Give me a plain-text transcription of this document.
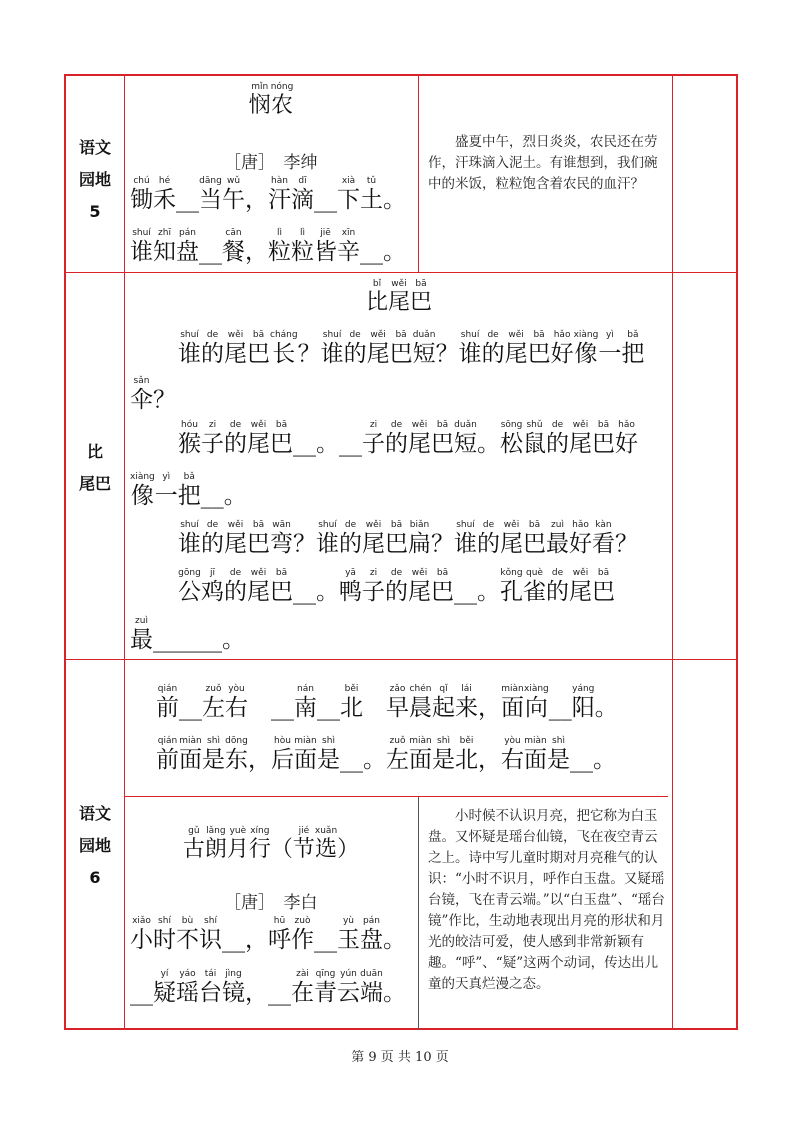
语文
园地
5
比
尾巴
语文
园地
6
mǐn
悯
nóng
农
［唐］　李绅
chú
锄
hé
禾
__
dāng
当
wǔ
午
，
hàn
汗
dī
滴
__
xià
下
tǔ
土
。
shuí
谁
zhī
知
pán
盘
__
cān
餐
，
lì
粒
lì
粒
jiē
皆
xīn
辛
__
。

盛夏中午，烈日炎炎，农民还在劳作，汗珠滴入泥土。有谁想到，我们碗中的米饭，粒粒饱含着农民的血汗？

bǐ
比
wěi
尾
bā
巴
shuí
谁
de
的
wěi
尾
bā
巴
cháng
长
？
shuí
谁
de
的
wěi
尾
bā
巴
duǎn
短
？
shuí
谁
de
的
wěi
尾
bā
巴
hǎo
好
xiàng
像
yì
一
bǎ
把
sǎn
伞
？
hóu
猴
zi
子
de
的
wěi
尾
bā
巴
__
。
__
zi
子
de
的
wěi
尾
bā
巴
duǎn
短
。
sōng
松
shǔ
鼠
de
的
wěi
尾
bā
巴
hǎo
好
xiàng
像
yì
一
bǎ
把
__
。
shuí
谁
de
的
wěi
尾
bā
巴
wān
弯
？
shuí
谁
de
的
wěi
尾
bā
巴
biǎn
扁
？
shuí
谁
de
的
wěi
尾
bā
巴
zuì
最
hǎo
好
kàn
看
？
gōng
公
jī
鸡
de
的
wěi
尾
bā
巴
__
。
yā
鸭
zi
子
de
的
wěi
尾
bā
巴
__
。
kǒng
孔
què
雀
de
的
wěi
尾
bā
巴
zuì
最
______
。
qián
前
__
zuǒ
左
yòu
右

__
nán
南
__
běi
北

zǎo
早
chén
晨
qǐ
起
lái
来
，
miàn
面
xiàng
向
__
yáng
阳
。
qián
前
miàn
面
shì
是
dōng
东
，
hòu
后
miàn
面
shì
是
__
。
zuǒ
左
miàn
面
shì
是
běi
北
，
yòu
右
miàn
面
shì
是
__
。
gǔ
古
lǎng
朗
yuè
月
xíng
行
（
jié
节
xuǎn
选
）
［唐］　李白
xiǎo
小
shí
时
bù
不
shí
识
__
，
hū
呼
zuò
作
__
yù
玉
pán
盘
。

__
yí
疑
yáo
瑶
tái
台
jìng
镜
，
__
zài
在
qīng
青
yún
云
duān
端
。

小时候不认识月亮，把它称为白玉盘。又怀疑是瑶台仙镜，飞在夜空青云之上。诗中写儿童时期对月亮稚气的认识：“小时不识月，呼作白玉盘。又疑瑶台镜，飞在青云端。”以“白玉盘”、“瑶台镜”作比，生动地表现出月亮的形状和月光的皎洁可爱，使人感到非常新颖有趣。“呼”、“疑”这两个动词，传达出儿童的天真烂漫之态。

第 9 页 共 10 页
